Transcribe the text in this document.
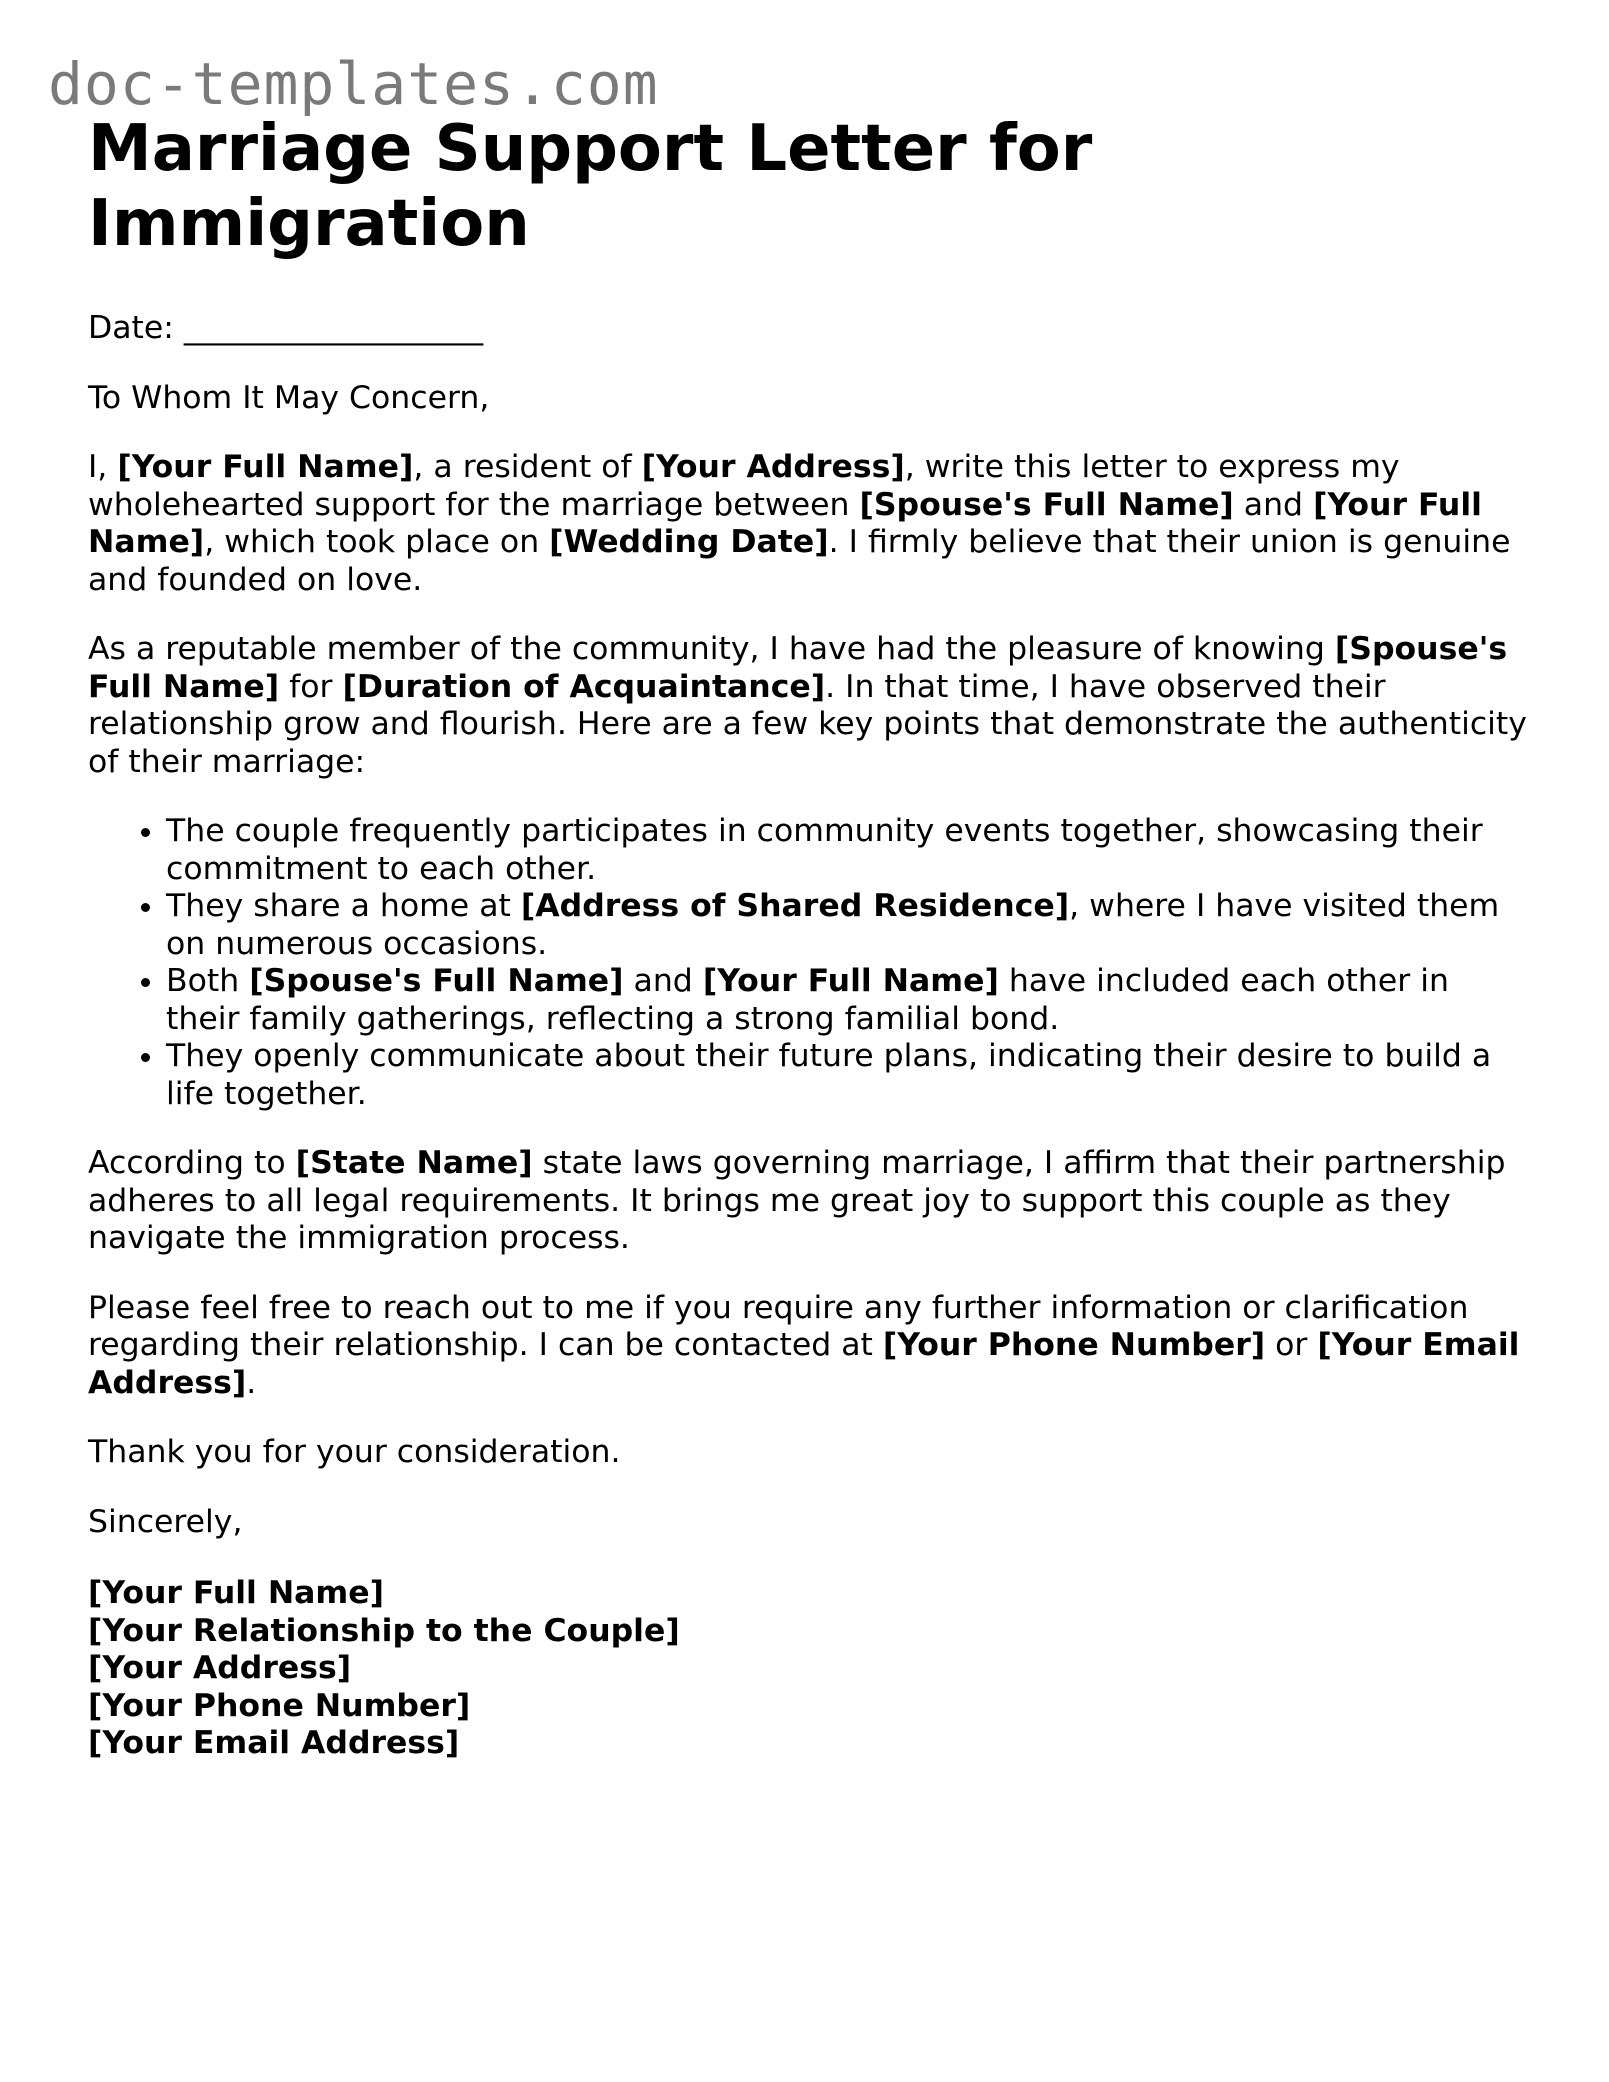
doc-templates.com
Marriage Support Letter for Immigration

Date: ___________________

To Whom It May Concern,

I, [Your Full Name], a resident of [Your Address], write this letter to express my wholehearted support for the marriage between [Spouse's Full Name] and [Your Full Name], which took place on [Wedding Date]. I firmly believe that their union is genuine and founded on love.

As a reputable member of the community, I have had the pleasure of knowing [Spouse's Full Name] for [Duration of Acquaintance]. In that time, I have observed their relationship grow and flourish. Here are a few key points that demonstrate the authenticity of their marriage:

• The couple frequently participates in community events together, showcasing their commitment to each other.
• They share a home at [Address of Shared Residence], where I have visited them on numerous occasions.
• Both [Spouse's Full Name] and [Your Full Name] have included each other in their family gatherings, reflecting a strong familial bond.
• They openly communicate about their future plans, indicating their desire to build a life together.

According to [State Name] state laws governing marriage, I affirm that their partnership adheres to all legal requirements. It brings me great joy to support this couple as they navigate the immigration process.

Please feel free to reach out to me if you require any further information or clarification regarding their relationship. I can be contacted at [Your Phone Number] or [Your Email Address].

Thank you for your consideration.

Sincerely,

[Your Full Name]
[Your Relationship to the Couple]
[Your Address]
[Your Phone Number]
[Your Email Address]
